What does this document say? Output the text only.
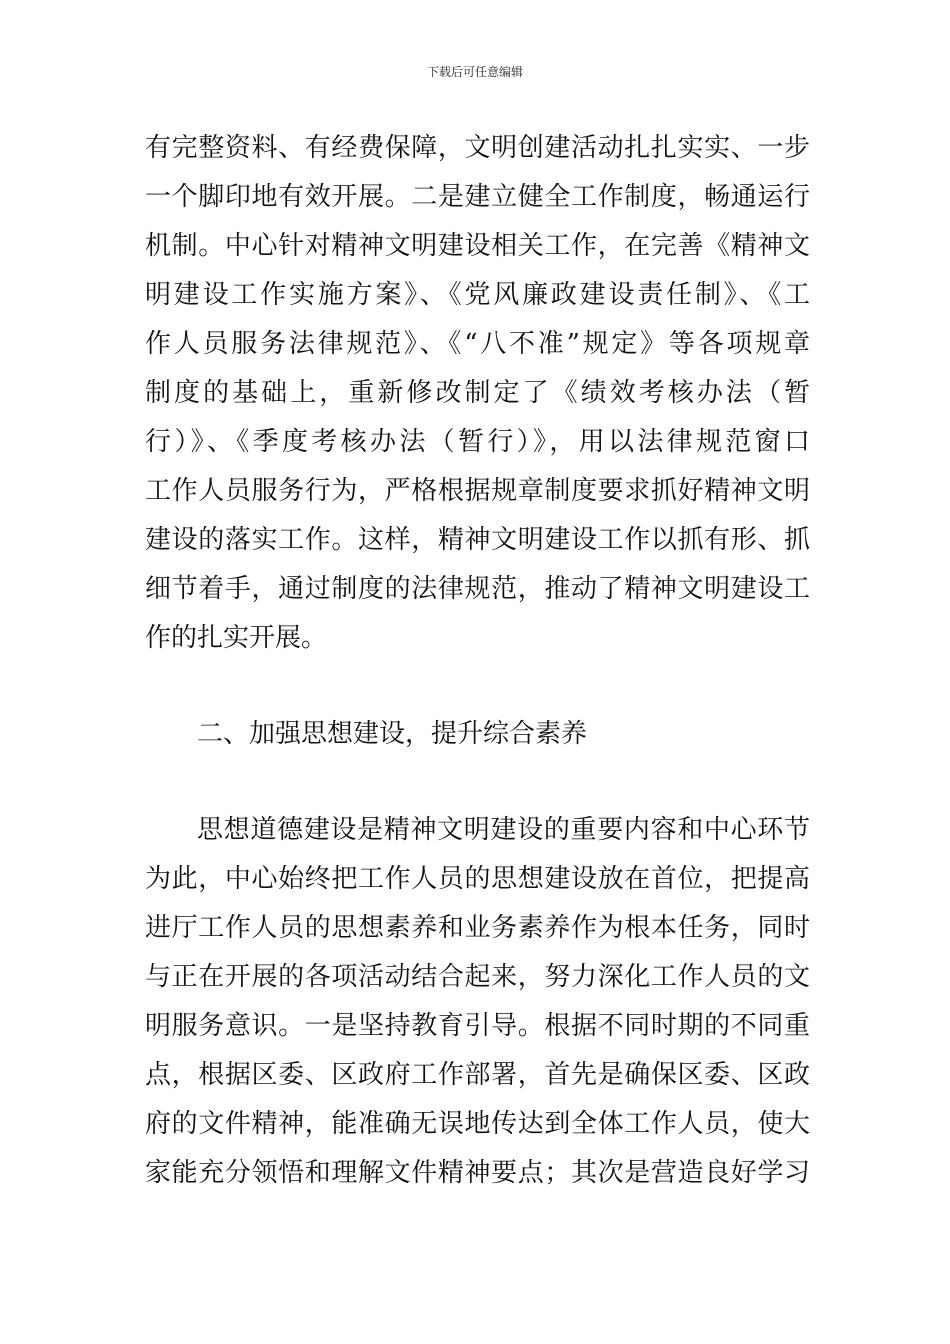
下载后可任意编辑
有完整资料、有经费保障，文明创建活动扎扎实实、一步
一个脚印地有效开展。二是建立健全工作制度，畅通运行
机制。中心针对精神文明建设相关工作，在完善《精神文
明建设工作实施方案》、《党风廉政建设责任制》、《工
作人员服务法律规范》、《“八不准”规定》等各项规章
制度的基础上，重新修改制定了《绩效考核办法（暂
行）》、《季度考核办法（暂行）》，用以法律规范窗口
工作人员服务行为，严格根据规章制度要求抓好精神文明
建设的落实工作。这样，精神文明建设工作以抓有形、抓
细节着手，通过制度的法律规范，推动了精神文明建设工
作的扎实开展。
二、加强思想建设，提升综合素养
思想道德建设是精神文明建设的重要内容和中心环节
为此，中心始终把工作人员的思想建设放在首位，把提高
进厅工作人员的思想素养和业务素养作为根本任务，同时
与正在开展的各项活动结合起来，努力深化工作人员的文
明服务意识。一是坚持教育引导。根据不同时期的不同重
点，根据区委、区政府工作部署，首先是确保区委、区政
府的文件精神，能准确无误地传达到全体工作人员，使大
家能充分领悟和理解文件精神要点；其次是营造良好学习
